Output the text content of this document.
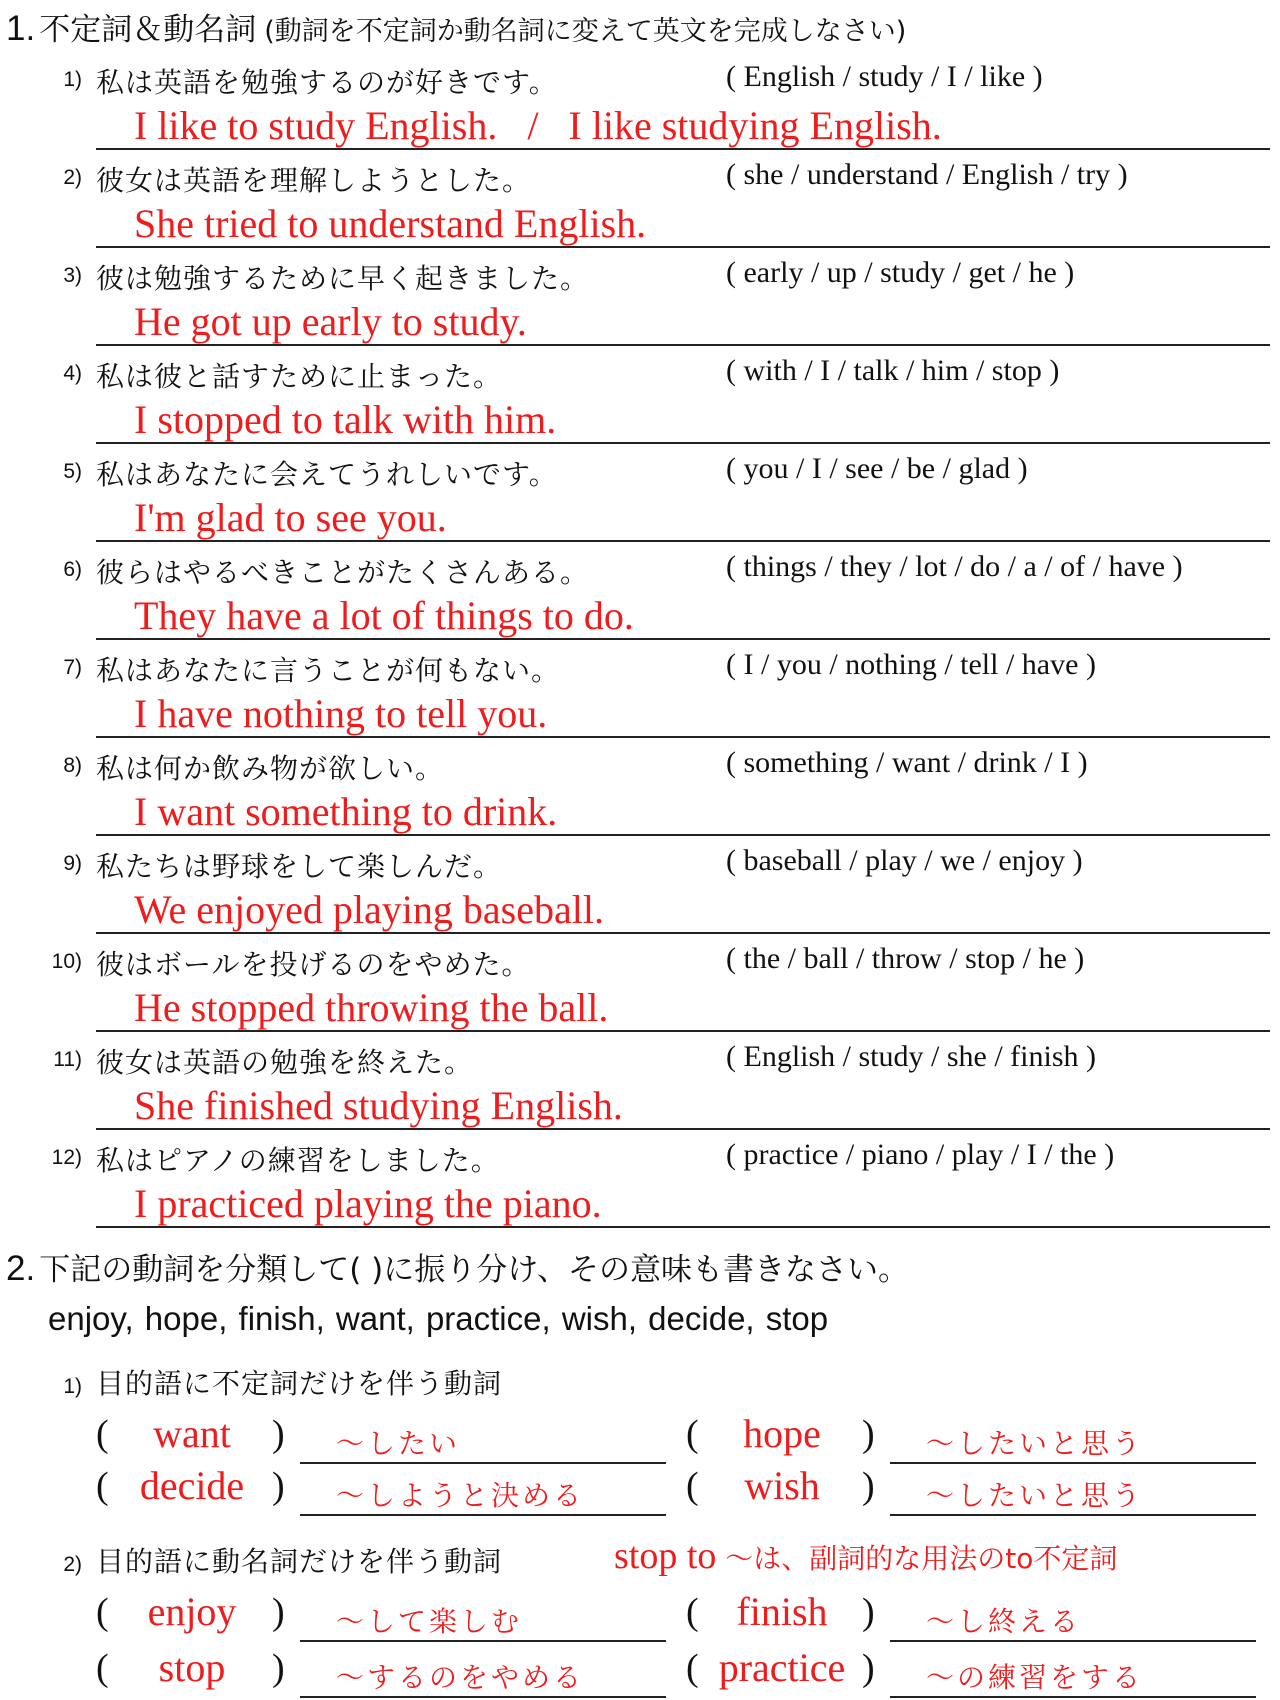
1. 不定詞＆動名詞 (動詞を不定詞か動名詞に変えて英文を完成しなさい)
1) 私は英語を勉強するのが好きです。	( English / study / I / like )
I like to study English.   /   I like studying English.
2) 彼女は英語を理解しようとした。	( she / understand / English / try )
She tried to understand English.
3) 彼は勉強するために早く起きました。	( early / up / study / get / he )
He got up early to study.
4) 私は彼と話すために止まった。	( with / I / talk / him / stop )
I stopped to talk with him.
5) 私はあなたに会えてうれしいです。	( you / I / see / be / glad )
I'm glad to see you.
6) 彼らはやるべきことがたくさんある。	( things / they / lot / do / a / of / have )
They have a lot of things to do.
7) 私はあなたに言うことが何もない。	( I / you / nothing / tell / have )
I have nothing to tell you.
8) 私は何か飲み物が欲しい。	( something / want / drink / I )
I want something to drink.
9) 私たちは野球をして楽しんだ。	( baseball / play / we / enjoy )
We enjoyed playing baseball.
10) 彼はボールを投げるのをやめた。	( the / ball / throw / stop / he )
He stopped throwing the ball.
11) 彼女は英語の勉強を終えた。	( English / study / she / finish )
She finished studying English.
12) 私はピアノの練習をしました。	( practice / piano / play / I / the )
I practiced playing the piano.
2. 下記の動詞を分類して( )に振り分け、その意味も書きなさい。
enjoy, hope, finish, want, practice, wish, decide, stop
1) 目的語に不定詞だけを伴う動詞
(	want	) 〜したい	(	hope	) 〜したいと思う
( decide ) 〜しようと決める	(	wish	) 〜したいと思う
2) 目的語に動名詞だけを伴う動詞	stop to 〜は、副詞的な用法のto不定詞
( enjoy ) 〜して楽しむ	( finish ) 〜し終える
(	stop	) 〜するのをやめる	( practice ) 〜の練習をする
